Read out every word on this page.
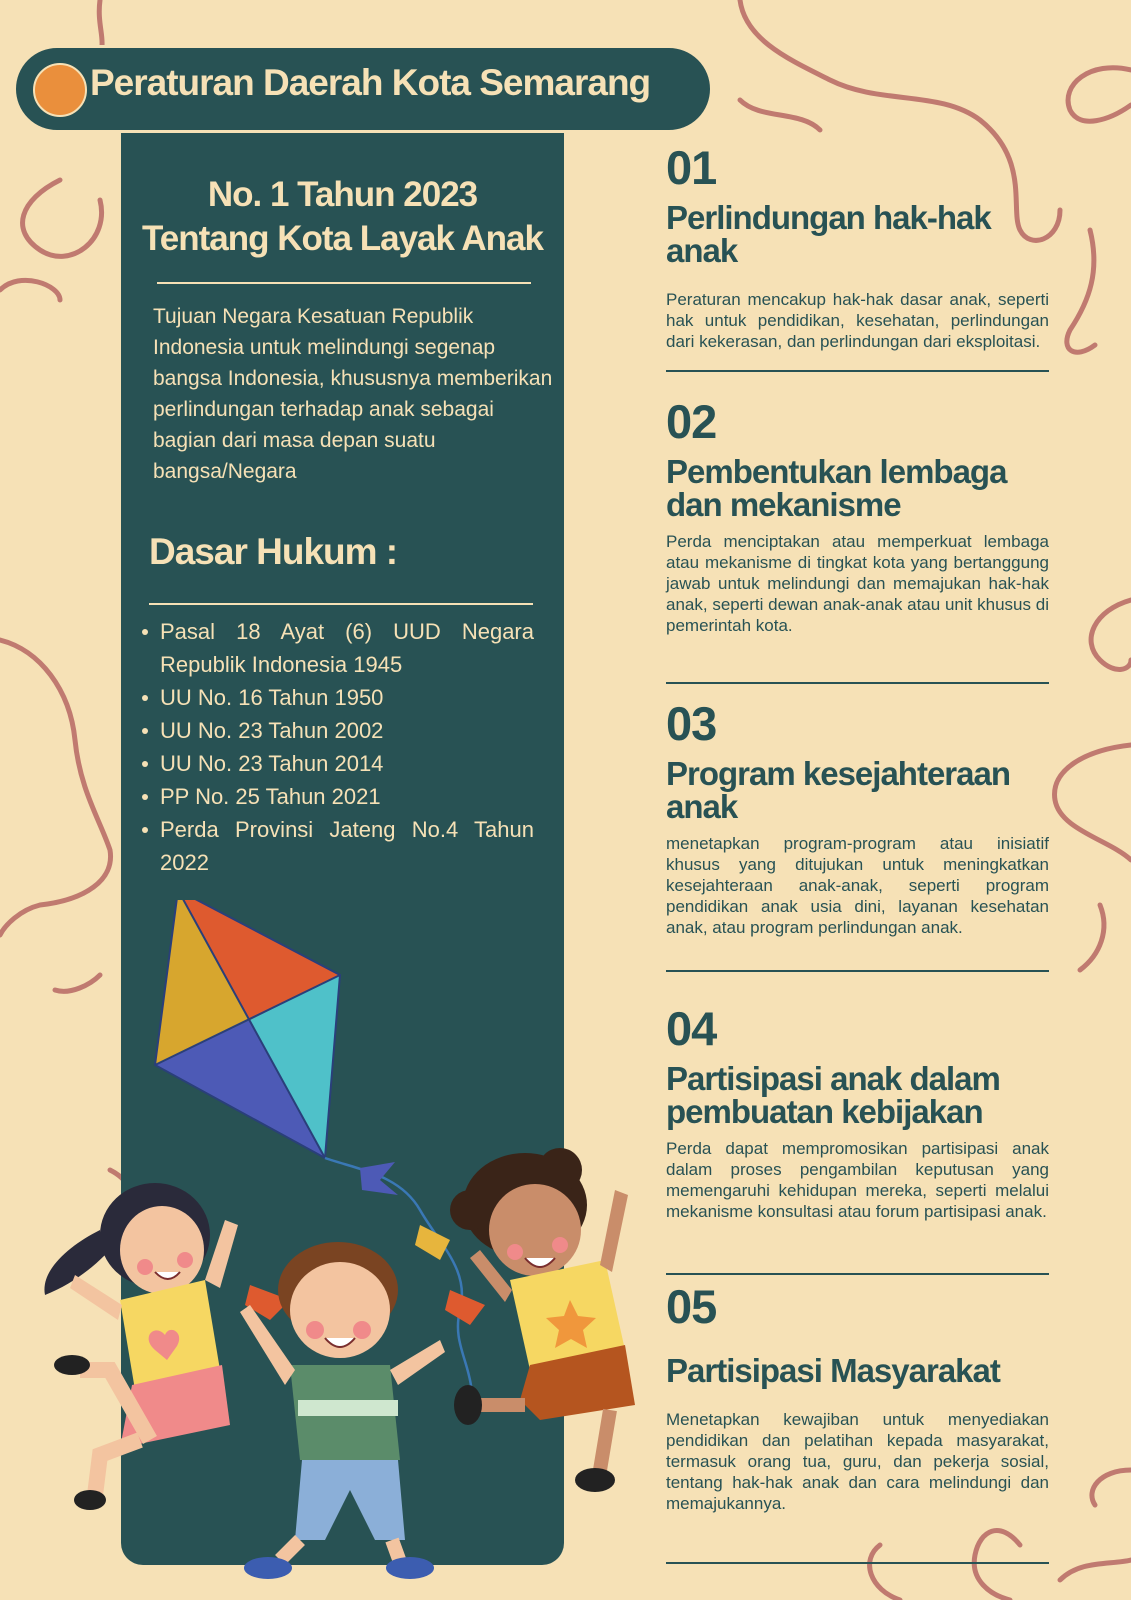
Peraturan Daerah Kota Semarang
No. 1 Tahun 2023
Tentang Kota Layak Anak
Tujuan Negara Kesatuan Republik Indonesia untuk melindungi segenap bangsa Indonesia, khususnya memberikan perlindungan terhadap anak sebagai bagian dari masa depan suatu bangsa/Negara
Dasar Hukum :
Pasal 18 Ayat (6) UUD Negara Republik Indonesia 1945
UU No. 16 Tahun 1950
UU No. 23 Tahun 2002
UU No. 23 Tahun 2014
PP No. 25 Tahun 2021
Perda Provinsi Jateng No.4 Tahun 2022
01
Perlindungan hak-hak anak
Peraturan mencakup hak-hak dasar anak, seperti hak untuk pendidikan, kesehatan, perlindungan dari kekerasan, dan perlindungan dari eksploitasi.
02
Pembentukan lembaga dan mekanisme
Perda menciptakan atau memperkuat lembaga atau mekanisme di tingkat kota yang bertanggung jawab untuk melindungi dan memajukan hak-hak anak, seperti dewan anak-anak atau unit khusus di pemerintah kota.
03
Program kesejahteraan anak
menetapkan program-program atau inisiatif khusus yang ditujukan untuk meningkatkan kesejahteraan anak-anak, seperti program pendidikan anak usia dini, layanan kesehatan anak, atau program perlindungan anak.
04
Partisipasi anak dalam pembuatan kebijakan
Perda dapat mempromosikan partisipasi anak dalam proses pengambilan keputusan yang memengaruhi kehidupan mereka, seperti melalui mekanisme konsultasi atau forum partisipasi anak.
05
Partisipasi Masyarakat
Menetapkan kewajiban untuk menyediakan pendidikan dan pelatihan kepada masyarakat, termasuk orang tua, guru, dan pekerja sosial, tentang hak-hak anak dan cara melindungi dan memajukannya.
